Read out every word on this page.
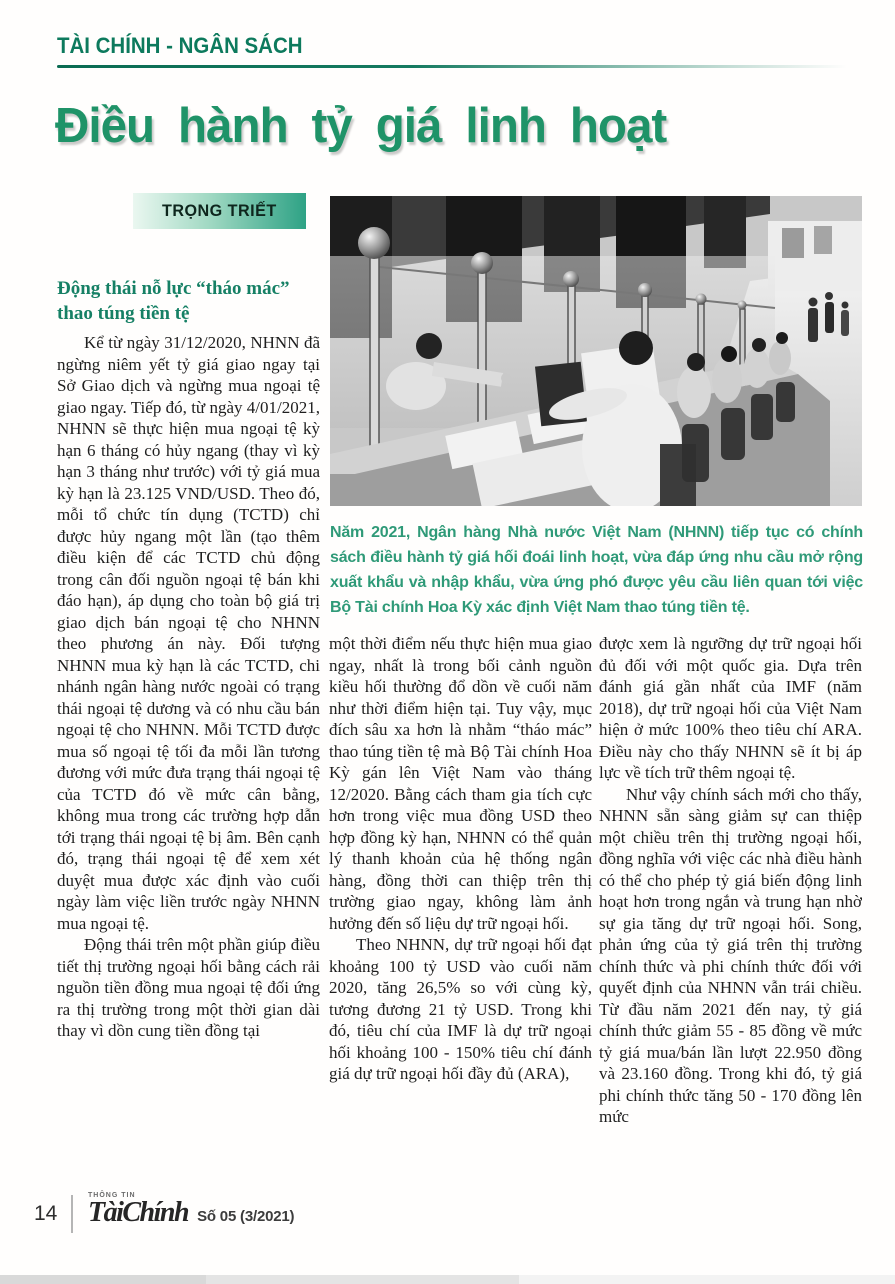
TÀI CHÍNH - NGÂN SÁCH
Điều hành tỷ giá linh hoạt
TRỌNG TRIẾT
Năm 2021, Ngân hàng Nhà nước Việt Nam (NHNN) tiếp tục có chính sách điều hành tỷ giá hối đoái linh hoạt, vừa đáp ứng nhu cầu mở rộng xuất khẩu và nhập khẩu, vừa ứng phó được yêu cầu liên quan tới việc Bộ Tài chính Hoa Kỳ xác định Việt Nam thao túng tiền tệ.

Động thái nỗ lực “tháo mác” thao túng tiền tệ

Kể từ ngày 31/12/2020, NHNN đã ngừng niêm yết tỷ giá giao ngay tại Sở Giao dịch và ngừng mua ngoại tệ giao ngay. Tiếp đó, từ ngày 4/01/2021, NHNN sẽ thực hiện mua ngoại tệ kỳ hạn 6 tháng có hủy ngang (thay vì kỳ hạn 3 tháng như trước) với tỷ giá mua kỳ hạn là 23.125 VND/USD. Theo đó, mỗi tổ chức tín dụng (TCTD) chỉ được hủy ngang một lần (tạo thêm điều kiện để các TCTD chủ động trong cân đối nguồn ngoại tệ bán khi đáo hạn), áp dụng cho toàn bộ giá trị giao dịch bán ngoại tệ cho NHNN theo phương án này. Đối tượng NHNN mua kỳ hạn là các TCTD, chi nhánh ngân hàng nước ngoài có trạng thái ngoại tệ dương và có nhu cầu bán ngoại tệ cho NHNN. Mỗi TCTD được mua số ngoại tệ tối đa mỗi lần tương đương với mức đưa trạng thái ngoại tệ của TCTD đó về mức cân bằng, không mua trong các trường hợp dẫn tới trạng thái ngoại tệ bị âm. Bên cạnh đó, trạng thái ngoại tệ để xem xét duyệt mua được xác định vào cuối ngày làm việc liền trước ngày NHNN mua ngoại tệ.

Động thái trên một phần giúp điều tiết thị trường ngoại hối bằng cách rải nguồn tiền đồng mua ngoại tệ đối ứng ra thị trường trong một thời gian dài thay vì dồn cung tiền đồng tại

một thời điểm nếu thực hiện mua giao ngay, nhất là trong bối cảnh nguồn kiều hối thường đổ dồn về cuối năm như thời điểm hiện tại. Tuy vậy, mục đích sâu xa hơn là nhằm “tháo mác” thao túng tiền tệ mà Bộ Tài chính Hoa Kỳ gán lên Việt Nam vào tháng 12/2020. Bằng cách tham gia tích cực hơn trong việc mua đồng USD theo hợp đồng kỳ hạn, NHNN có thể quản lý thanh khoản của hệ thống ngân hàng, đồng thời can thiệp trên thị trường giao ngay, không làm ảnh hưởng đến số liệu dự trữ ngoại hối.

Theo NHNN, dự trữ ngoại hối đạt khoảng 100 tỷ USD vào cuối năm 2020, tăng 26,5% so với cùng kỳ, tương đương 21 tỷ USD. Trong khi đó, tiêu chí của IMF là dự trữ ngoại hối khoảng 100 - 150% tiêu chí đánh giá dự trữ ngoại hối đầy đủ (ARA),

được xem là ngưỡng dự trữ ngoại hối đủ đối với một quốc gia. Dựa trên đánh giá gần nhất của IMF (năm 2018), dự trữ ngoại hối của Việt Nam hiện ở mức 100% theo tiêu chí ARA. Điều này cho thấy NHNN sẽ ít bị áp lực về tích trữ thêm ngoại tệ.

Như vậy chính sách mới cho thấy, NHNN sẵn sàng giảm sự can thiệp một chiều trên thị trường ngoại hối, đồng nghĩa với việc các nhà điều hành có thể cho phép tỷ giá biến động linh hoạt hơn trong ngắn và trung hạn nhờ sự gia tăng dự trữ ngoại hối. Song, phản ứng của tỷ giá trên thị trường chính thức và phi chính thức đối với quyết định của NHNN vẫn trái chiều. Từ đầu năm 2021 đến nay, tỷ giá chính thức giảm 55 - 85 đồng về mức tỷ giá mua/bán lần lượt 22.950 đồng và 23.160 đồng. Trong khi đó, tỷ giá phi chính thức tăng 50 - 170 đồng lên mức

14
THÔNG TIN
TàiChính Số 05 (3/2021)
